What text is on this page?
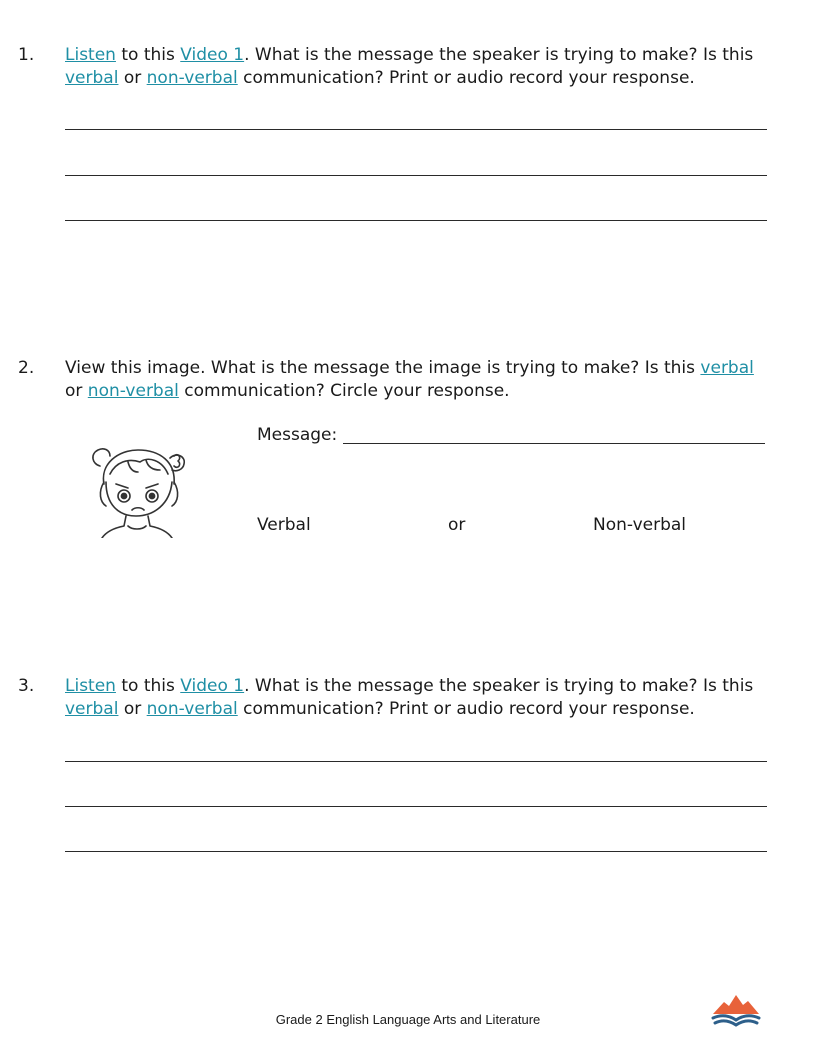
1. Listen to this Video 1. What is the message the speaker is trying to make? Is this verbal or non-verbal communication? Print or audio record your response.
2. View this image. What is the message the image is trying to make? Is this verbal or non-verbal communication? Circle your response.
Message:
Verbal	or	Non-verbal
3. Listen to this Video 1. What is the message the speaker is trying to make? Is this verbal or non-verbal communication? Print or audio record your response.
Grade 2 English Language Arts and Literature
